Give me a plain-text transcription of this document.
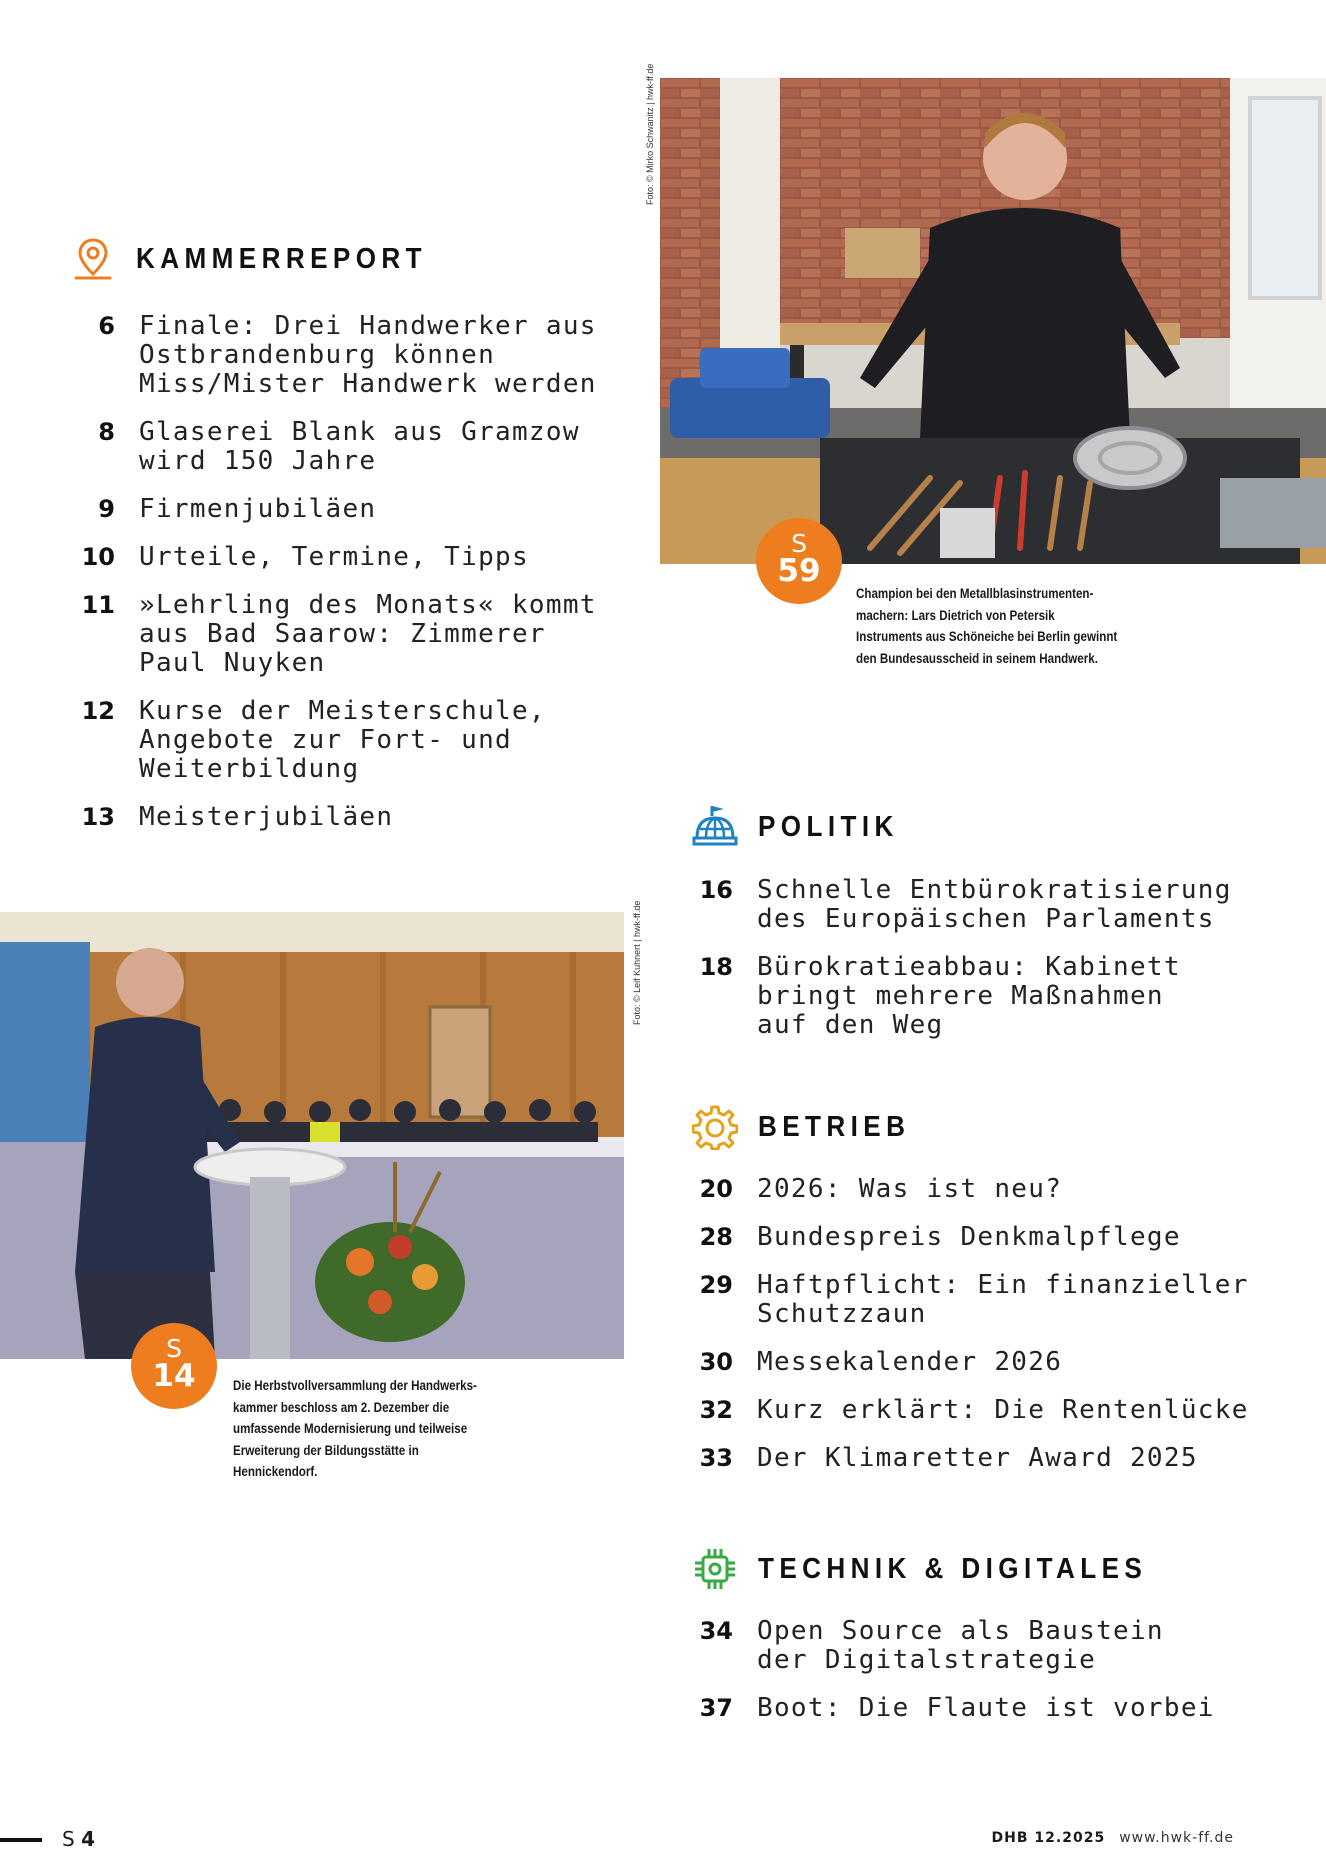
KAMMERREPORT
6 Finale: Drei Handwerker aus
Ostbrandenburg können
Miss/Mister Handwerk werden
8 Glaserei Blank aus Gramzow
wird 150 Jahre
9 Firmenjubiläen
10 Urteile, Termine, Tipps
11 »Lehrling des Monats« kommt
aus Bad Saarow: Zimmerer
Paul Nuyken
12 Kurse der Meisterschule,
Angebote zur Fort- und
Weiterbildung
13 Meisterjubiläen
Foto: © Mirko Schwanitz | hwk-ff.de
S
59
Champion bei den Metallblasinstrumenten-
machern: Lars Dietrich von Petersik
Instruments aus Schöneiche bei Berlin gewinnt
den Bundesausscheid in seinem Handwerk.
POLITIK
16 Schnelle Entbürokratisierung
des Europäischen Parlaments
18 Bürokratieabbau: Kabinett
bringt mehrere Maßnahmen
auf den Weg
Foto: © Leif Kuhnert | hwk-ff.de
S
14	Die Herbstvollversammlung der Handwerks-
kammer beschloss am 2. Dezember die
umfassende Modernisierung und teilweise
Erweiterung der Bildungsstätte in
Hennickendorf.
BETRIEB
20 2026: Was ist neu?
28 Bundespreis Denkmalpflege
29 Haftpflicht: Ein finanzieller
Schutzzaun
30 Messekalender 2026
32 Kurz erklärt: Die Rentenlücke
33 Der Klimaretter Award 2025
TECHNIK & DIGITALES
34 Open Source als Baustein
der Digitalstrategie
37 Boot: Die Flaute ist vorbei
S 4	DHB 12.2025 www.hwk-ff.de
